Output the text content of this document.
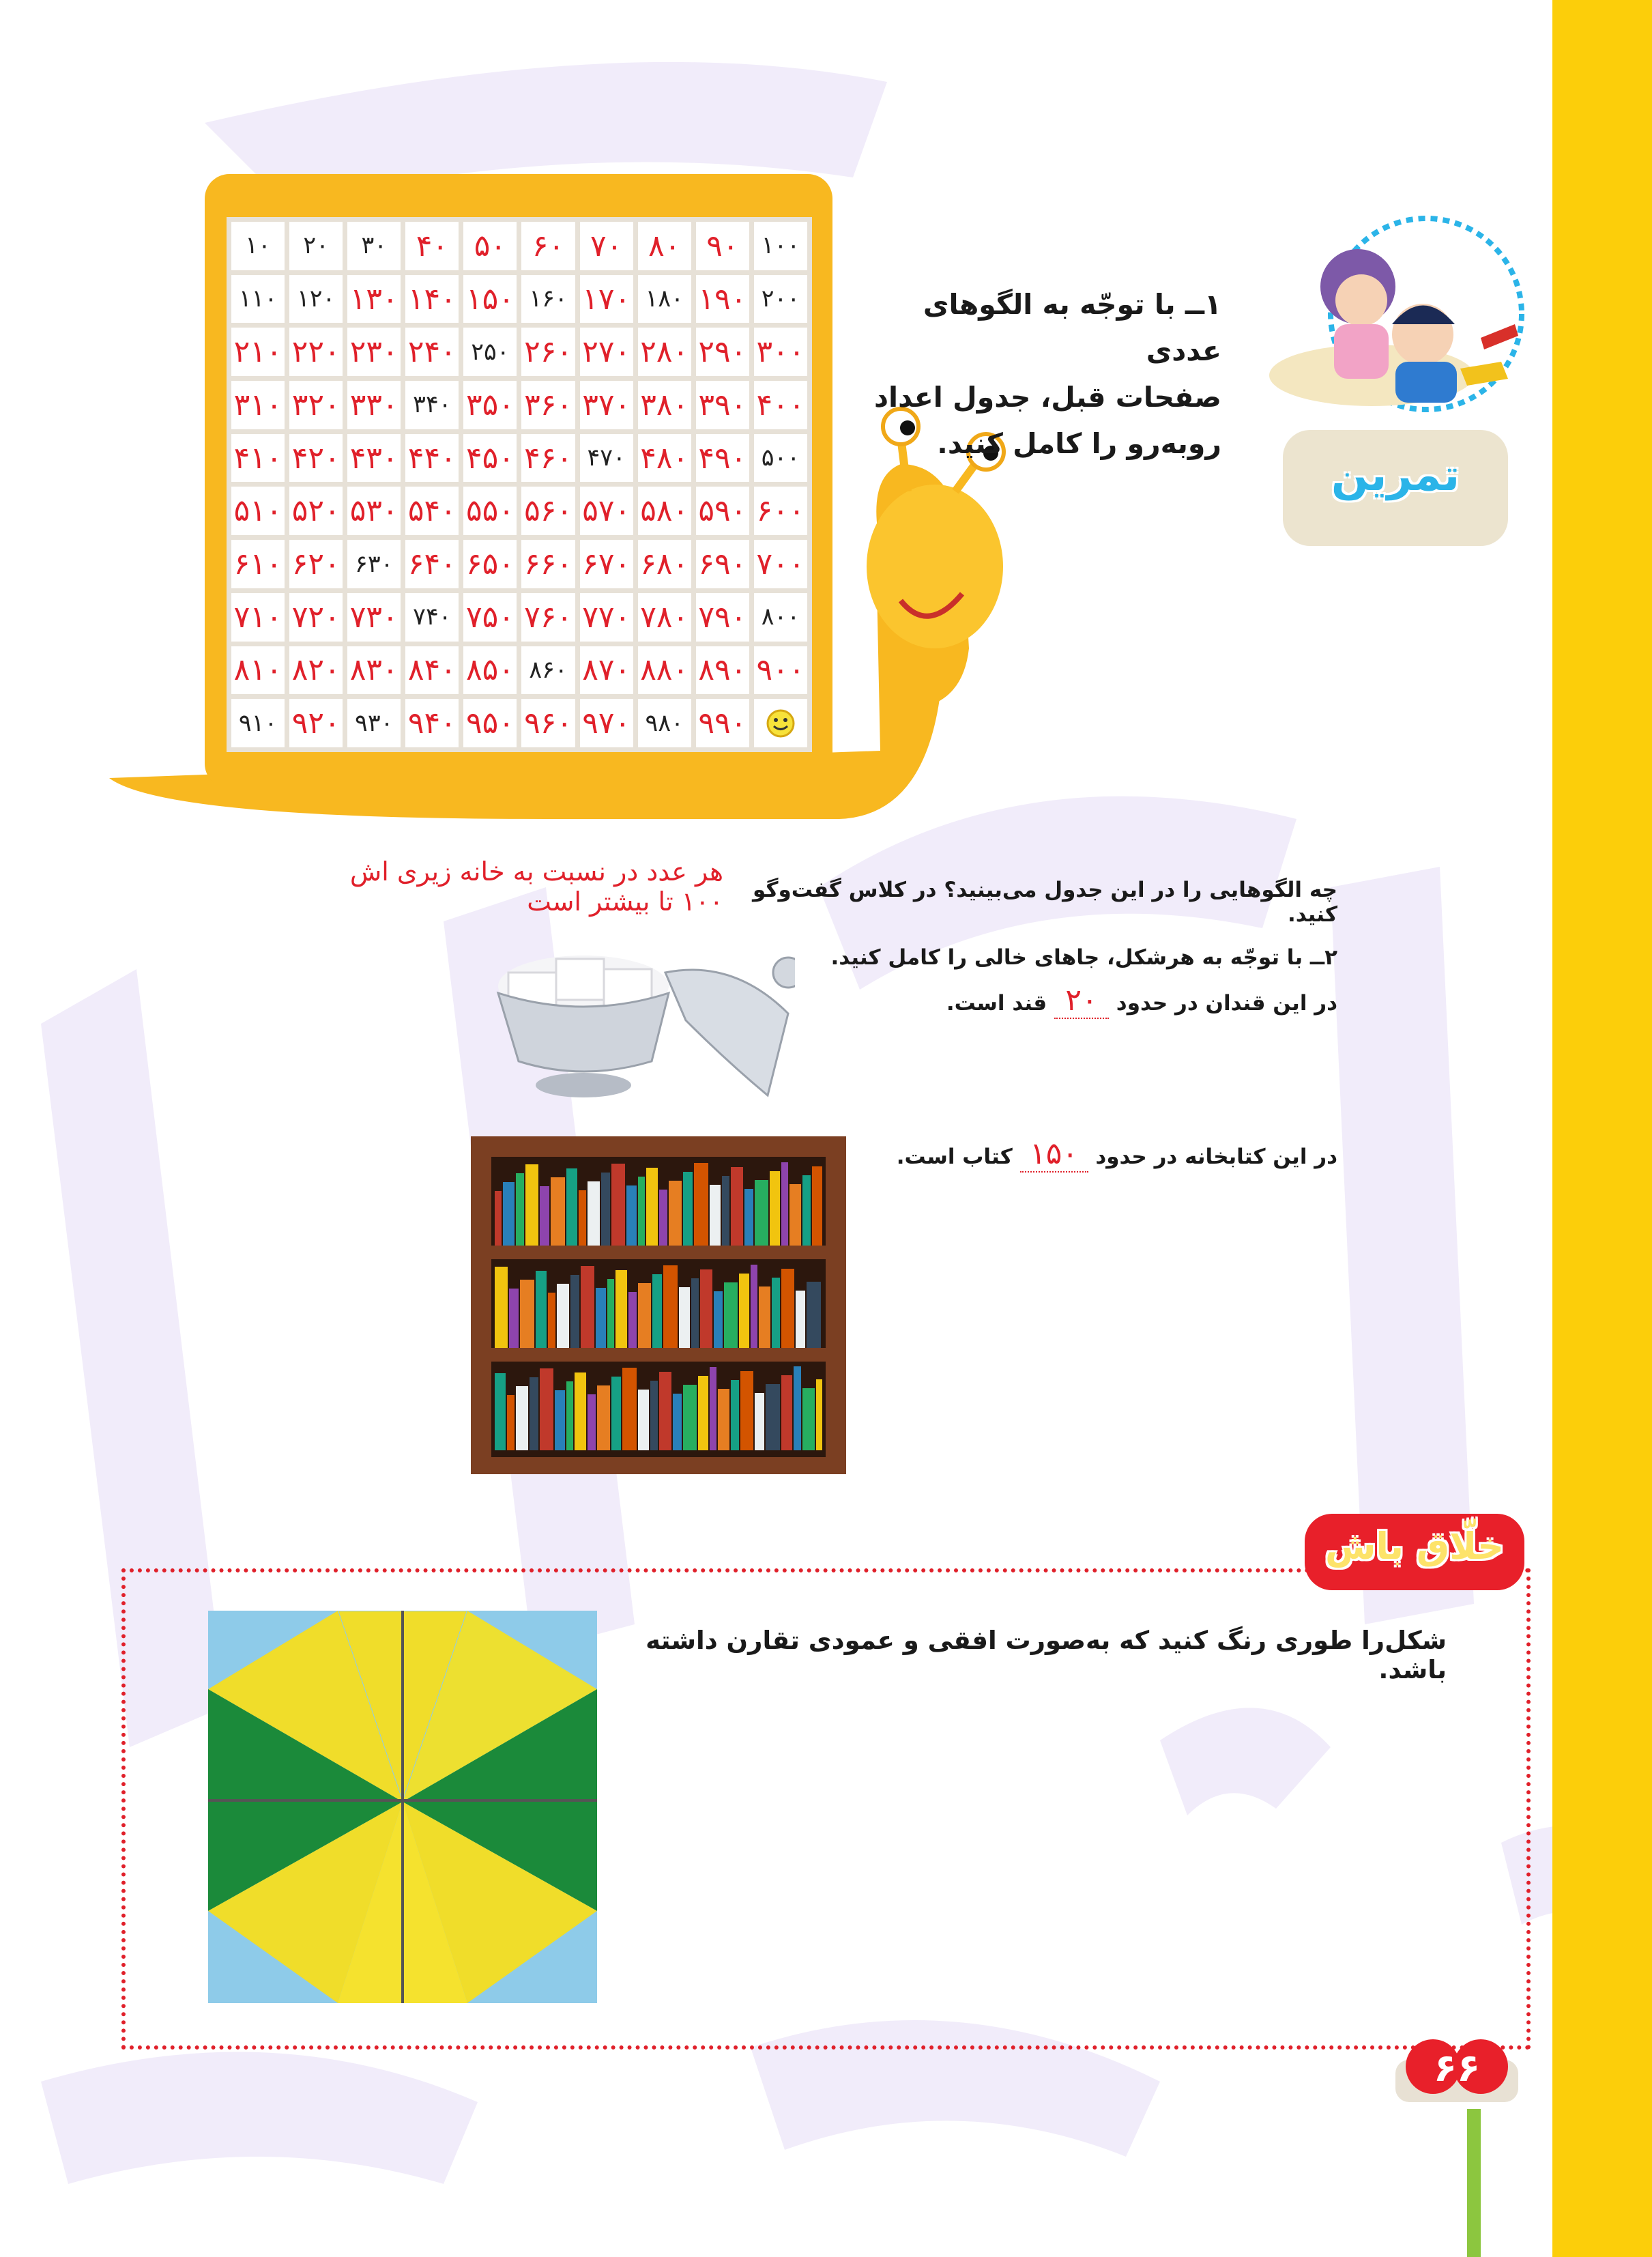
۱۰	۲۰	۳۰ ۴۰ ۵۰ ۶۰ ۷۰ ۸۰ ۹۰ ۱۰۰
۱۱۰ ۱۲۰ ۱۳۰ ۱۴۰ ۱۵۰ ۱۶۰ ۱۷۰ ۱۸۰ ۱۹۰ ۲۰۰
۲۱۰ ۲۲۰ ۲۳۰ ۲۴۰ ۲۵۰ ۲۶۰ ۲۷۰ ۲۸۰ ۲۹۰ ۳۰۰
۳۱۰ ۳۲۰ ۳۳۰ ۳۴۰ ۳۵۰ ۳۶۰ ۳۷۰ ۳۸۰ ۳۹۰ ۴۰۰
۴۱۰ ۴۲۰ ۴۳۰ ۴۴۰ ۴۵۰ ۴۶۰ ۴۷۰ ۴۸۰ ۴۹۰ ۵۰۰
۵۱۰ ۵۲۰ ۵۳۰ ۵۴۰ ۵۵۰ ۵۶۰ ۵۷۰ ۵۸۰ ۵۹۰ ۶۰۰
۶۱۰ ۶۲۰ ۶۳۰ ۶۴۰ ۶۵۰ ۶۶۰ ۶۷۰ ۶۸۰ ۶۹۰ ۷۰۰
۷۱۰ ۷۲۰ ۷۳۰ ۷۴۰ ۷۵۰ ۷۶۰ ۷۷۰ ۷۸۰ ۷۹۰ ۸۰۰
۸۱۰ ۸۲۰ ۸۳۰ ۸۴۰ ۸۵۰ ۸۶۰ ۸۷۰ ۸۸۰ ۸۹۰ ۹۰۰
۹۱۰ ۹۲۰ ۹۳۰ ۹۴۰ ۹۵۰ ۹۶۰ ۹۷۰ ۹۸۰ ۹۹۰
تمرین
۱ــ با توجّه به الگوهای عددی
صفحات قبل، جدول اعداد
روبه‌رو را کامل کنید.
چه الگوهایی را در این جدول می‌بینید؟ در کلاس گفت‌وگو کنید.
هر عدد در نسبت به خانه زیری اش
۱۰۰ تا بیشتر است
۲ــ با توجّه به هرشکل، جاهای خالی را کامل کنید.
در این قندان در حدود ۲۰ قند است.
در این کتابخانه در حدود ۱۵۰ کتاب است.
خلّاق باش
شکل‌را طوری رنگ کنید که به‌صورت افقی و عمودی تقارن داشته باشد.
۶۶
